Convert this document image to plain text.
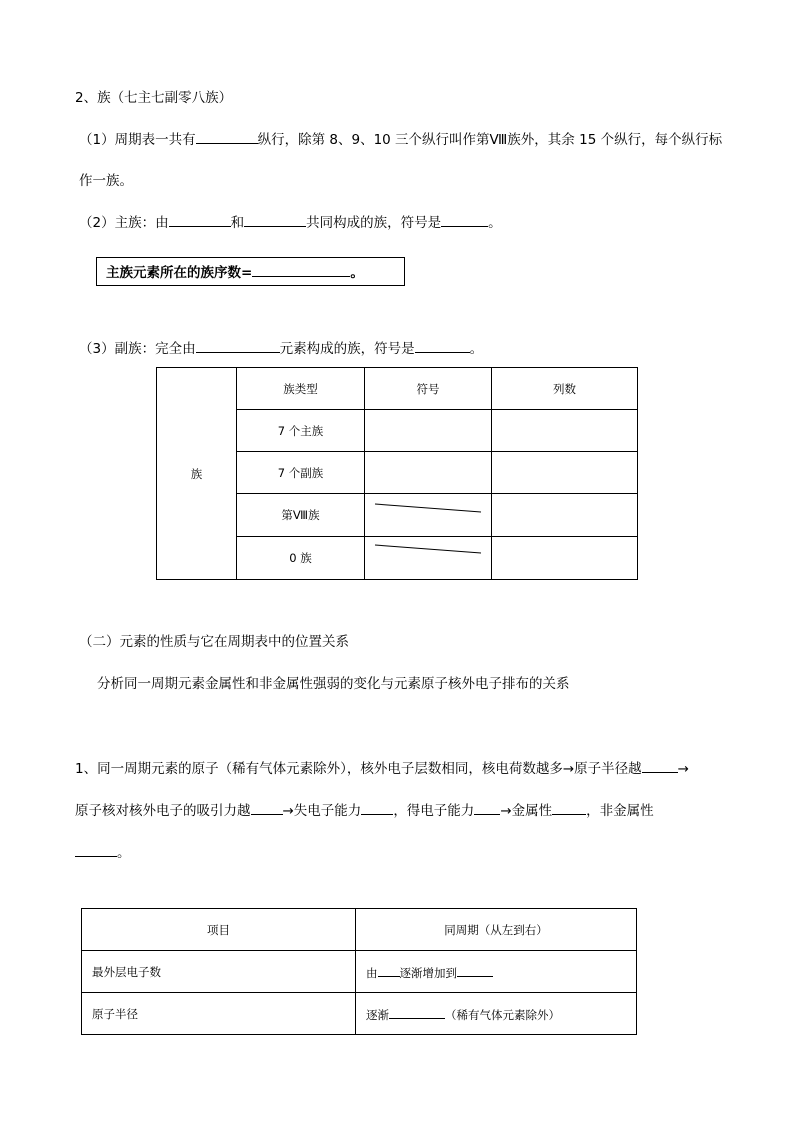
2、族（七主七副零八族）
（1）周期表一共有	纵行，除第 8、9、10 三个纵行叫作第Ⅷ族外，其余 15 个纵行，每个纵行标
作一族。
（2）主族：由	和	共同构成的族，符号是	。
主族元素所在的族序数=	。
（3）副族：完全由	元素构成的族，符号是	。
族	族类型	符号	列数
	7 个主族		
	7 个副族		
	第Ⅷ族	

	0 族	

（二）元素的性质与它在周期表中的位置关系
分析同一周期元素金属性和非金属性强弱的变化与元素原子核外电子排布的关系
1、同一周期元素的原子（稀有气体元素除外），核外电子层数相同，核电荷数越多→原子半径越	→
原子核对核外电子的吸引力越 →失电子能力 ，得电子能力 →金属性	，非金属性
。
项目	同周期（从左到右）
最外层电子数	由 逐渐增加到
原子半径	逐渐 （稀有气体元素除外）
